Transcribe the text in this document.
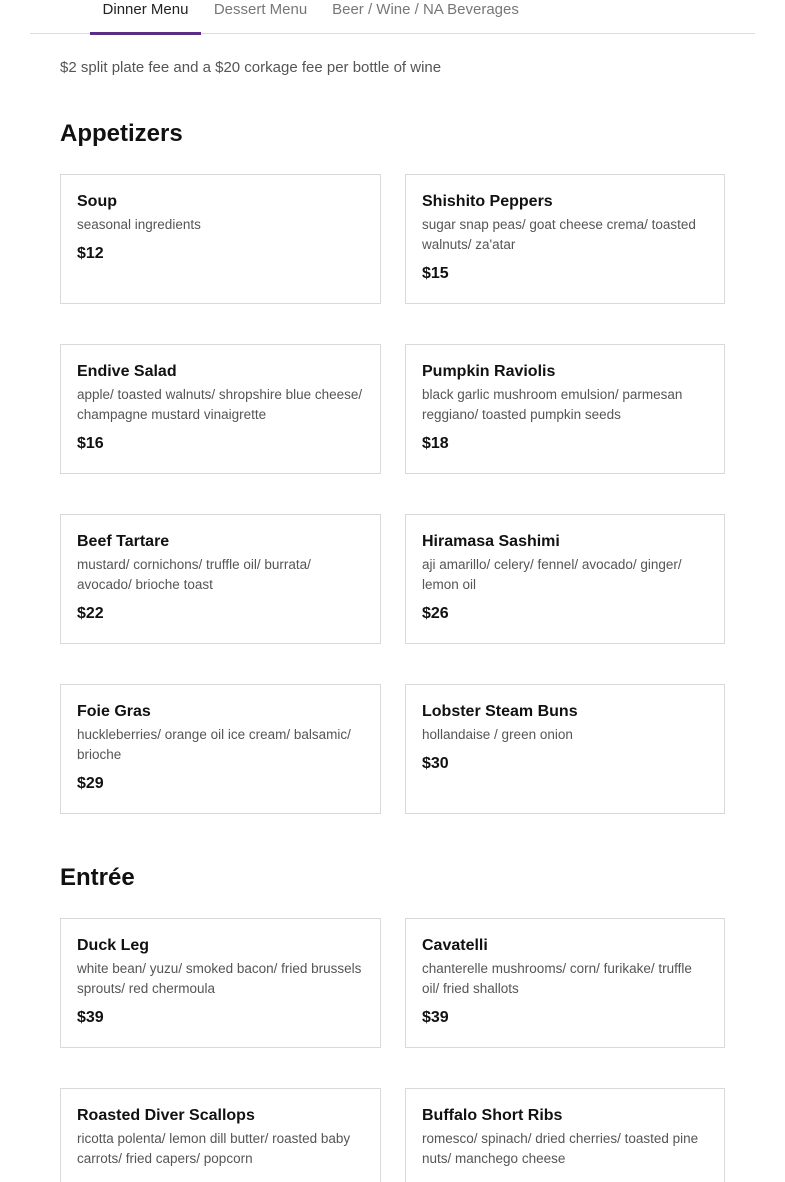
Dinner Menu	Dessert Menu Beer / Wine / NA Beverages
$2 split plate fee and a $20 corkage fee per bottle of wine
Appetizers
Soup
seasonal ingredients
$12
Shishito Peppers
sugar snap peas/ goat cheese crema/ toasted walnuts/ za'atar
$15
Endive Salad
apple/ toasted walnuts/ shropshire blue cheese/ champagne mustard vinaigrette
$16
Pumpkin Raviolis
black garlic mushroom emulsion/ parmesan reggiano/ toasted pumpkin seeds
$18
Beef Tartare
mustard/ cornichons/ truffle oil/ burrata/ avocado/ brioche toast
$22
Hiramasa Sashimi
aji amarillo/ celery/ fennel/ avocado/ ginger/ lemon oil
$26
Foie Gras
huckleberries/ orange oil ice cream/ balsamic/ brioche
$29
Lobster Steam Buns
hollandaise / green onion
$30
Entrée
Duck Leg
white bean/ yuzu/ smoked bacon/ fried brussels sprouts/ red chermoula
$39
Cavatelli
chanterelle mushrooms/ corn/ furikake/ truffle oil/ fried shallots
$39
Roasted Diver Scallops
ricotta polenta/ lemon dill butter/ roasted baby carrots/ fried capers/ popcorn
Buffalo Short Ribs
romesco/ spinach/ dried cherries/ toasted pine nuts/ manchego cheese
